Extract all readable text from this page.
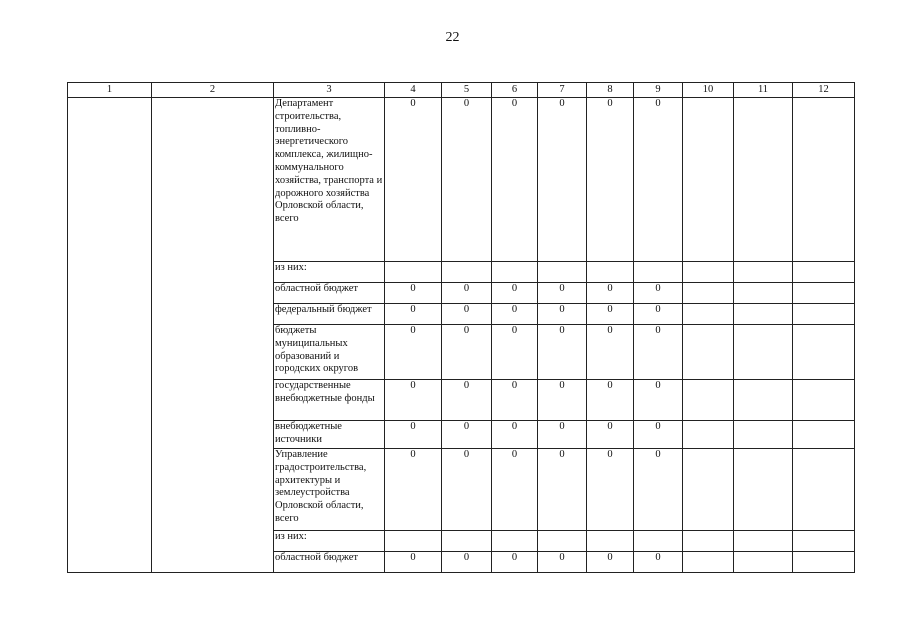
22
1	2	3	4	5	6	7	8	9	10	11	12
		Департамент строительства, топливно-энергетического комплекса, жилищно-коммунального хозяйства, транспорта и дорожного хозяйства Орловской области, всего	0	0	0	0	0	0			
		из них:									
		областной бюджет	0	0	0	0	0	0			
		федеральный бюджет	0	0	0	0	0	0			
		бюджеты муниципальных образований и городских округов	0	0	0	0	0	0			
		государственные внебюджетные фонды	0	0	0	0	0	0			
		внебюджетные источники	0	0	0	0	0	0			
		Управление градостроительства, архитектуры и землеустройства Орловской области, всего	0	0	0	0	0	0			
		из них:									
		областной бюджет	0	0	0	0	0	0			
